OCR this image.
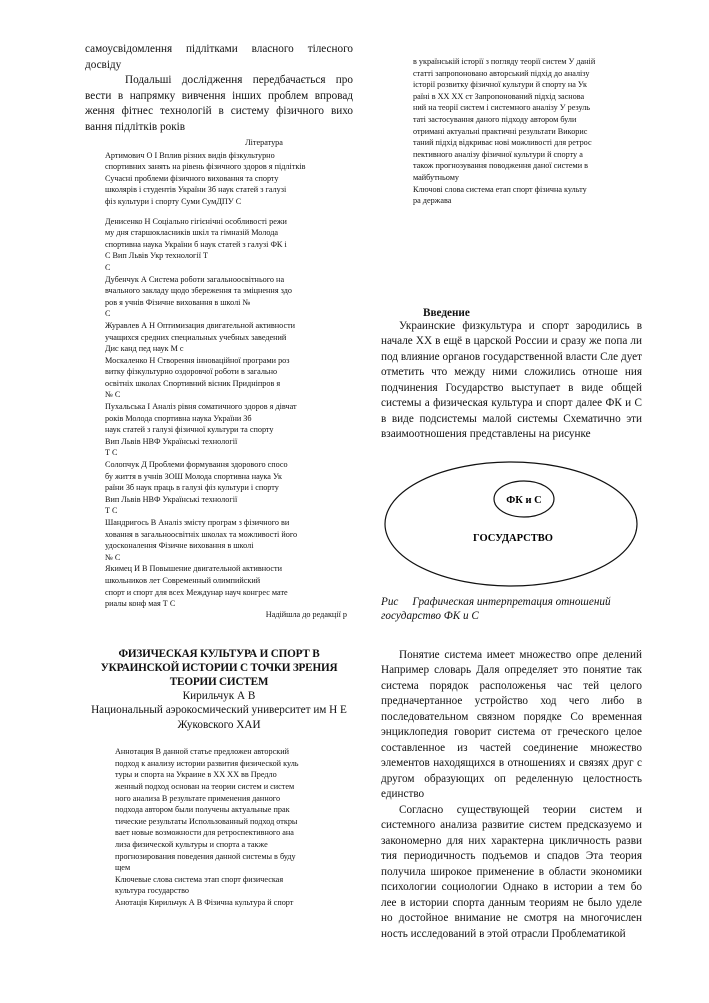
самоусвідомлення підлітками власного тілесного досвіду

Подальші дослідження передбачається про вести в напрямку вивчення інших проблем впровад ження фітнес технологій в систему фізичного вихо вання підлітків років

Література
Артимович О І Вплив різних видів фізкультурно
спортивних занять на рівень фізичного здоров я підлітків
Сучасні проблеми фізичного виховання та спорту
школярів і студентів України Зб наук статей з галузі
фіз культури і спорту Суми СумДПУ С
Денисенко Н Соціально гігієнічні особливості режи
му дня старшокласників шкіл та гімназій Молода
спортивна наука України б наук статей з галузі ФК і
С Вип Львів Укр технології Т
С
Дубенчук А Система роботи загальноосвітнього на
вчального закладу щодо збереження та зміцнення здо
ров я учнів Фізичне виховання в школі №
С
Журавлев А Н Оптимизация двигательной активности
учащихся средних специальных учебных заведений
Дис канд пед наук М с
Москаленко Н Створення інноваційної програми роз
витку фізкультурно оздоровчої роботи в загально
освітніх школах Спортивний вісник Придніпров я
№ С
Пухальська І Аналіз рівня соматичного здоров я дівчат
років Молода спортивна наука України Зб
наук статей з галузі фізичної культури та спорту
Вип Львів НВФ Українські технології
Т С
Солопчук Д Проблеми формування здорового спосо
бу життя в учнів ЗОШ Молода спортивна наука Ук
раїни Зб наук праць в галузі фіз культури і спорту
Вип Львів НВФ Українські технології
Т С
Шандригось В Аналіз змісту програм з фізичного ви
ховання в загальноосвітніх школах та можливості його
удосконалення Фізичне виховання в школі
№ С
Якимец И В Повышение двигательной активности
школьников лет Современный олимпийский
спорт и спорт для всех Междунар науч конгрес мате
риалы конф мая Т С
Надійшла до редакції р
ФИЗИЧЕСКАЯ КУЛЬТУРА И СПОРТ В УКРАИНСКОЙ ИСТОРИИ С ТОЧКИ ЗРЕНИЯ ТЕОРИИ СИСТЕМ
Кирильчук А В
Национальный аэрокосмический университет им Н Е Жуковского ХАИ
Аннотация В данной статье предложен авторский
подход к анализу истории развития физической куль
туры и спорта на Украине в ХХ ХХ вв Предло
женный подход основан на теории систем и систем
ного анализа В результате применения данного
подхода автором были получены актуальные прак
тические результаты Использованный подход откры
вает новые возможности для ретроспективного ана
лиза физической культуры и спорта а также
прогнозирования поведения данной системы в буду
щем
Ключевые слова система этап спорт физическая
культура государство
Анотація Кирильчук А В Фізична культура й спорт
в українській історії з погляду теорії систем У даній
статті запропоновано авторський підхід до аналізу
історії розвитку фізичної культури й спорту на Ук
раїні в ХХ ХХ ст Запропонований підхід заснова
ний на теорії систем і системного аналізу У резуль
таті застосування даного підходу автором були
отримані актуальні практичні результати Викорис
таний підхід відкриває нові можливості для ретрос
пективного аналізу фізичної культури й спорту а
також прогнозування поводження даної системи в
майбутньому
Ключові слова система етап спорт фізична культу
ра держава
Введение

Украинские физкультура и спорт зародились в начале ХХ в ещё в царской России и сразу же попа ли под влияние органов государственной власти Сле дует отметить что между ними сложились отноше ния подчинения Государство выступает в виде общей системы а физическая культура и спорт далее ФК и С в виде подсистемы малой системы Схематично эти взаимоотношения представлены на рисунке

ФК и С
ГОСУДАРСТВО
Рис Графическая интерпретация отношений государство ФК и С

Понятие система имеет множество опре делений Например словарь Даля определяет это понятие так система порядок расположенья час тей целого предначертанное устройство ход чего либо в последовательном связном порядке Со временная энциклопедия говорит система от греческого целое составленное из частей соединение множество элементов находящихся в отношениях и связях друг с другом образующих оп ределенную целостность единство

Согласно существующей теории систем и системного анализа развитие систем предсказуемо и закономерно для них характерна цикличность разви тия периодичность подъемов и спадов Эта теория получила широкое применение в области экономики психологии социологии Однако в истории а тем бо лее в истории спорта данным теориям не было уделе но достойное внимание не смотря на многочислен ность исследований в этой отрасли Проблематикой
